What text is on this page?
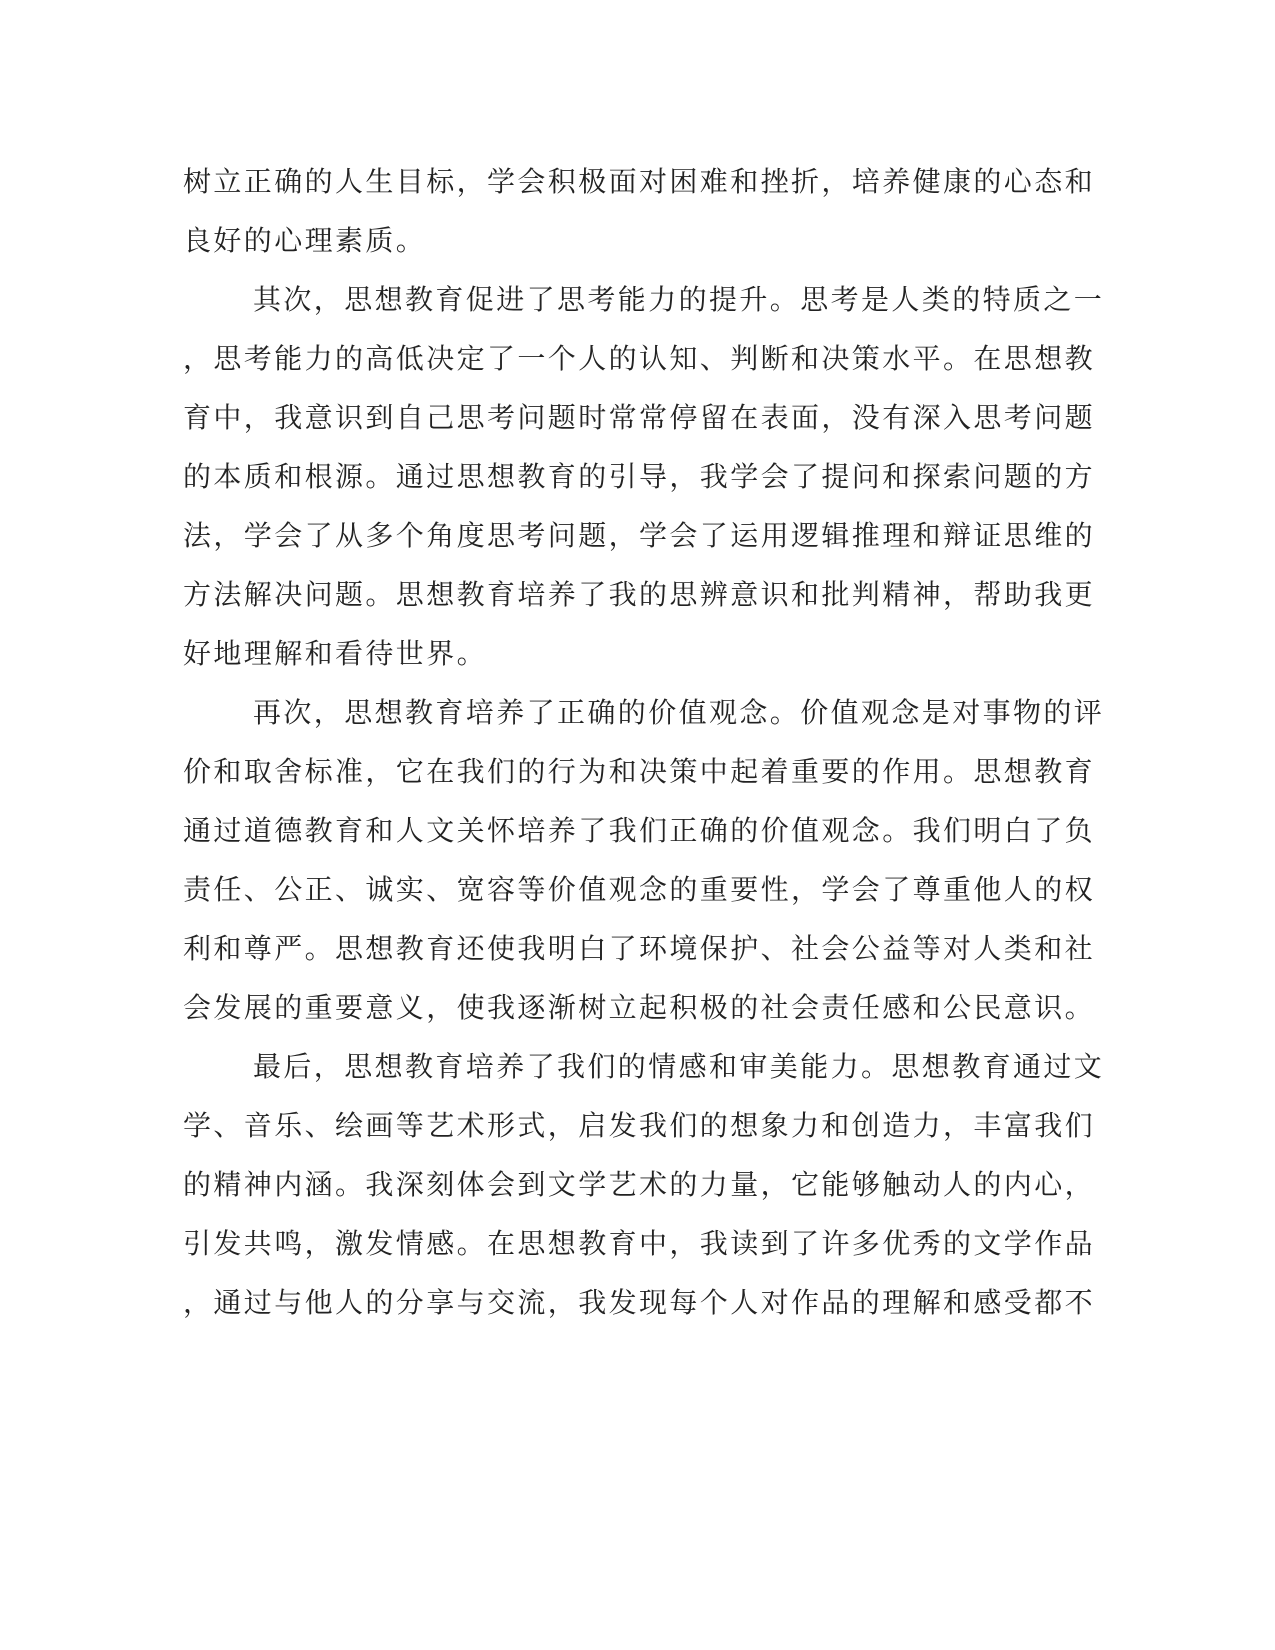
树立正确的人生目标，学会积极面对困难和挫折，培养健康的心态和
良好的心理素质。
其次，思想教育促进了思考能力的提升。思考是人类的特质之一
，思考能力的高低决定了一个人的认知、判断和决策水平。在思想教
育中，我意识到自己思考问题时常常停留在表面，没有深入思考问题
的本质和根源。通过思想教育的引导，我学会了提问和探索问题的方
法，学会了从多个角度思考问题，学会了运用逻辑推理和辩证思维的
方法解决问题。思想教育培养了我的思辨意识和批判精神，帮助我更
好地理解和看待世界。
再次，思想教育培养了正确的价值观念。价值观念是对事物的评
价和取舍标准，它在我们的行为和决策中起着重要的作用。思想教育
通过道德教育和人文关怀培养了我们正确的价值观念。我们明白了负
责任、公正、诚实、宽容等价值观念的重要性，学会了尊重他人的权
利和尊严。思想教育还使我明白了环境保护、社会公益等对人类和社
会发展的重要意义，使我逐渐树立起积极的社会责任感和公民意识。
最后，思想教育培养了我们的情感和审美能力。思想教育通过文
学、音乐、绘画等艺术形式，启发我们的想象力和创造力，丰富我们
的精神内涵。我深刻体会到文学艺术的力量，它能够触动人的内心，
引发共鸣，激发情感。在思想教育中，我读到了许多优秀的文学作品
，通过与他人的分享与交流，我发现每个人对作品的理解和感受都不
